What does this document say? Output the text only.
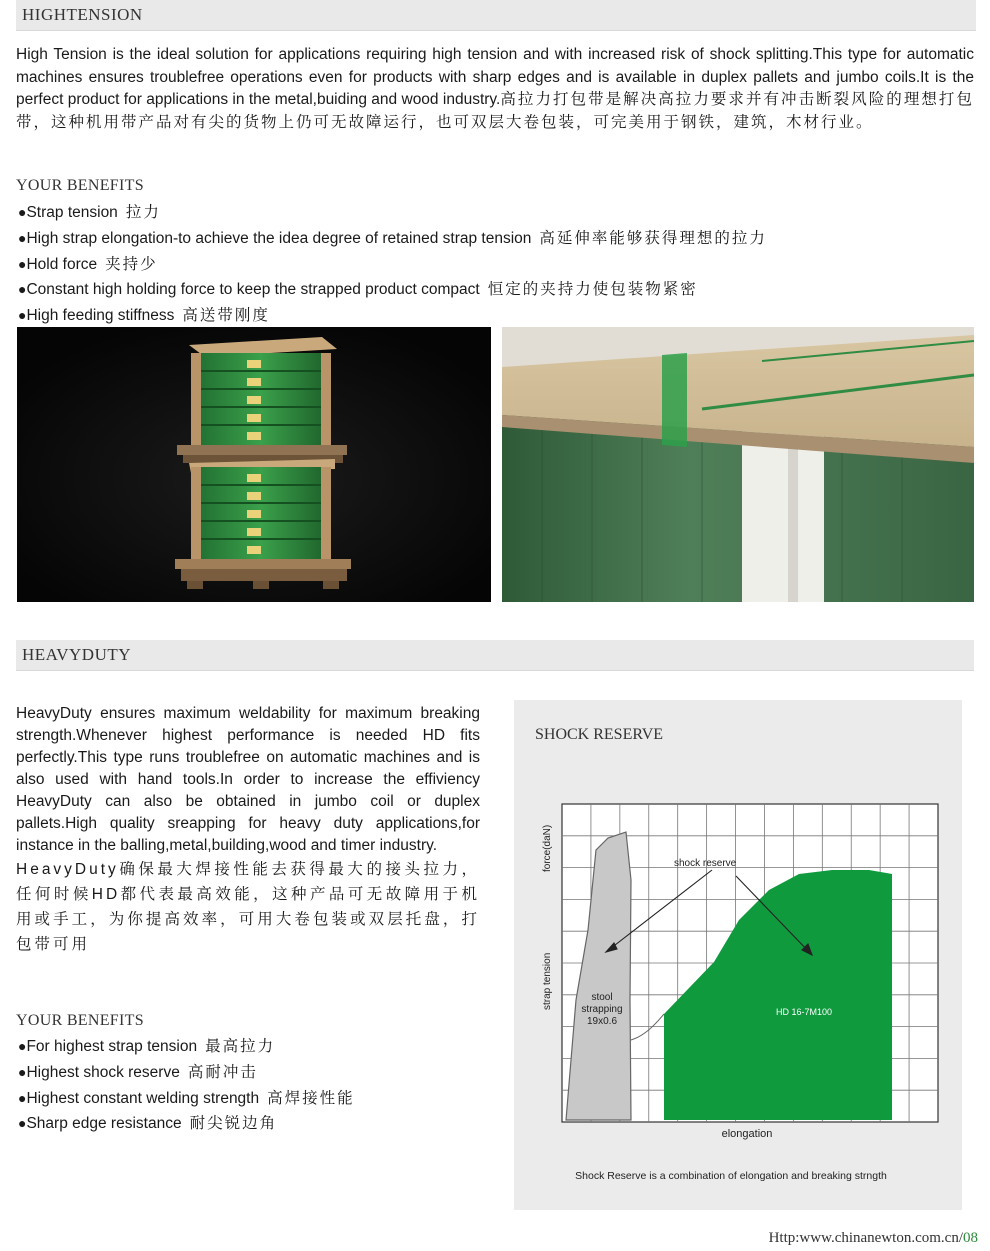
HIGHTENSION

High Tension is the ideal solution for applications requiring high tension and with increased risk of shock splitting.This type for automatic machines ensures troublefree operations even for products with sharp edges and is available in duplex pallets and jumbo coils.It is the perfect product for applications in the metal,buiding and wood industry.高拉力打包带是解决高拉力要求并有冲击断裂风险的理想打包带，这种机用带产品对有尖的货物上仍可无故障运行，也可双层大卷包装，可完美用于钢铁，建筑，木材行业。

YOUR BENEFITS
●Strap tension 拉力
●High strap elongation-to achieve the idea degree of retained strap tension 高延伸率能够获得理想的拉力
●Hold force 夹持少
●Constant high holding force to keep the strapped product compact 恒定的夹持力使包装物紧密
●High feeding stiffness 高送带刚度
HEAVYDUTY

HeavyDuty ensures maximum weldability for maximum breaking strength.Whenever highest performance is needed HD fits perfectly.This type runs troublefree on automatic machines and is also used with hand tools.In order to increase the effiviency HeavyDuty can also be obtained in jumbo coil or duplex pallets.High quality sreapping for heavy duty applications,for instance in the balling,metal,building,wood and timer industry.
HeavyDuty确保最大焊接性能去获得最大的接头拉力，任何时候HD都代表最高效能，这种产品可无故障用于机用或手工，为你提高效率，可用大卷包装或双层托盘，打包带可用

YOUR BENEFITS
●For highest strap tension 最高拉力
●Highest shock reserve 高耐冲击
●Highest constant welding strength 高焊接性能
●Sharp edge resistance 耐尖锐边角
SHOCK RESERVE
shock reserve
stool
strapping
19x0.6
HD 16-7M100
force(daN)
strap tension
elongation
Shock Reserve is a combination of elongation and breaking strngth
Http:www.chinanewton.com.cn/08
